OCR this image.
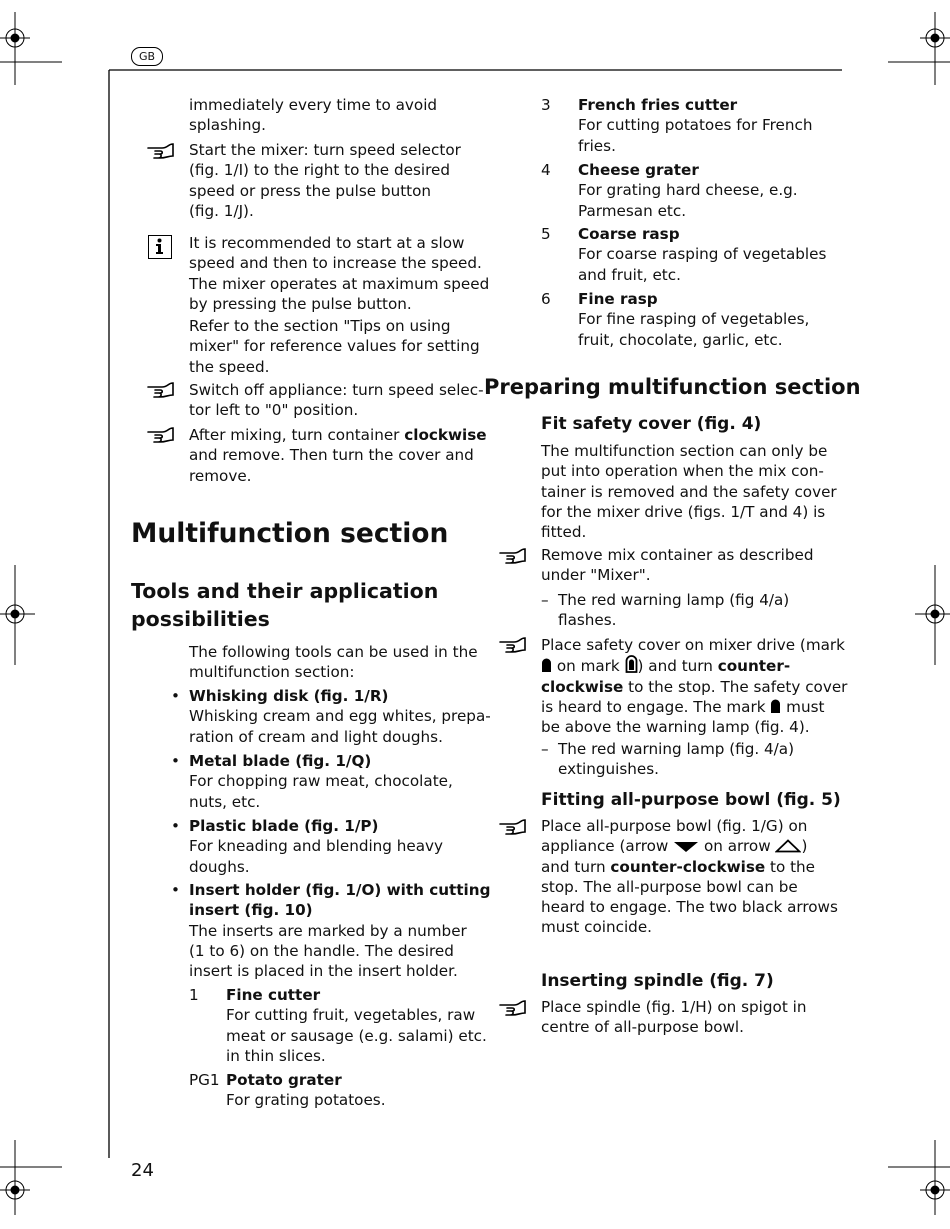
GB
24
immediately every time to avoid
splashing.
Start the mixer: turn speed selector
(fig. 1/I) to the right to the desired
speed or press the pulse button
(fig. 1/J).
It is recommended to start at a slow
speed and then to increase the speed.
The mixer operates at maximum speed
by pressing the pulse button.
Refer to the section "Tips on using
mixer" for reference values for setting
the speed.
Switch off appliance: turn speed selec-
tor left to "0" position.
After mixing, turn container clockwise
and remove. Then turn the cover and
remove.
Multifunction section
Tools and their application
possibilities
The following tools can be used in the
multifunction section:
• Whisking disk (fig. 1/R)
Whisking cream and egg whites, prepa-
ration of cream and light doughs.
• Metal blade (fig. 1/Q)
For chopping raw meat, chocolate,
nuts, etc.
• Plastic blade (fig. 1/P)
For kneading and blending heavy
doughs.
• Insert holder (fig. 1/O) with cutting
insert (fig. 10)
The inserts are marked by a number
(1 to 6) on the handle. The desired
insert is placed in the insert holder.
1 Fine cutter
For cutting fruit, vegetables, raw
meat or sausage (e.g. salami) etc.
in thin slices.
PG1 Potato grater
For grating potatoes.
3 French fries cutter
For cutting potatoes for French
fries.
4 Cheese grater
For grating hard cheese, e.g.
Parmesan etc.
5 Coarse rasp
For coarse rasping of vegetables
and fruit, etc.
6 Fine rasp
For fine rasping of vegetables,
fruit, chocolate, garlic, etc.
Preparing multifunction section
Fit safety cover (fig. 4)
The multifunction section can only be
put into operation when the mix con-
tainer is removed and the safety cover
for the mixer drive (figs. 1/T and 4) is
fitted.
Remove mix container as described
under "Mixer".
– The red warning lamp (fig 4/a)
flashes.
Place safety cover on mixer drive (mark
on mark ) and turn counter-
clockwise to the stop. The safety cover
is heard to engage. The mark  must
be above the warning lamp (fig. 4).
– The red warning lamp (fig. 4/a)
extinguishes.
Fitting all-purpose bowl (fig. 5)
Place all-purpose bowl (fig. 1/G) on
appliance (arrow  on arrow )
and turn counter-clockwise to the
stop. The all-purpose bowl can be
heard to engage. The two black arrows
must coincide.
Inserting spindle (fig. 7)
Place spindle (fig. 1/H) on spigot in
centre of all-purpose bowl.
